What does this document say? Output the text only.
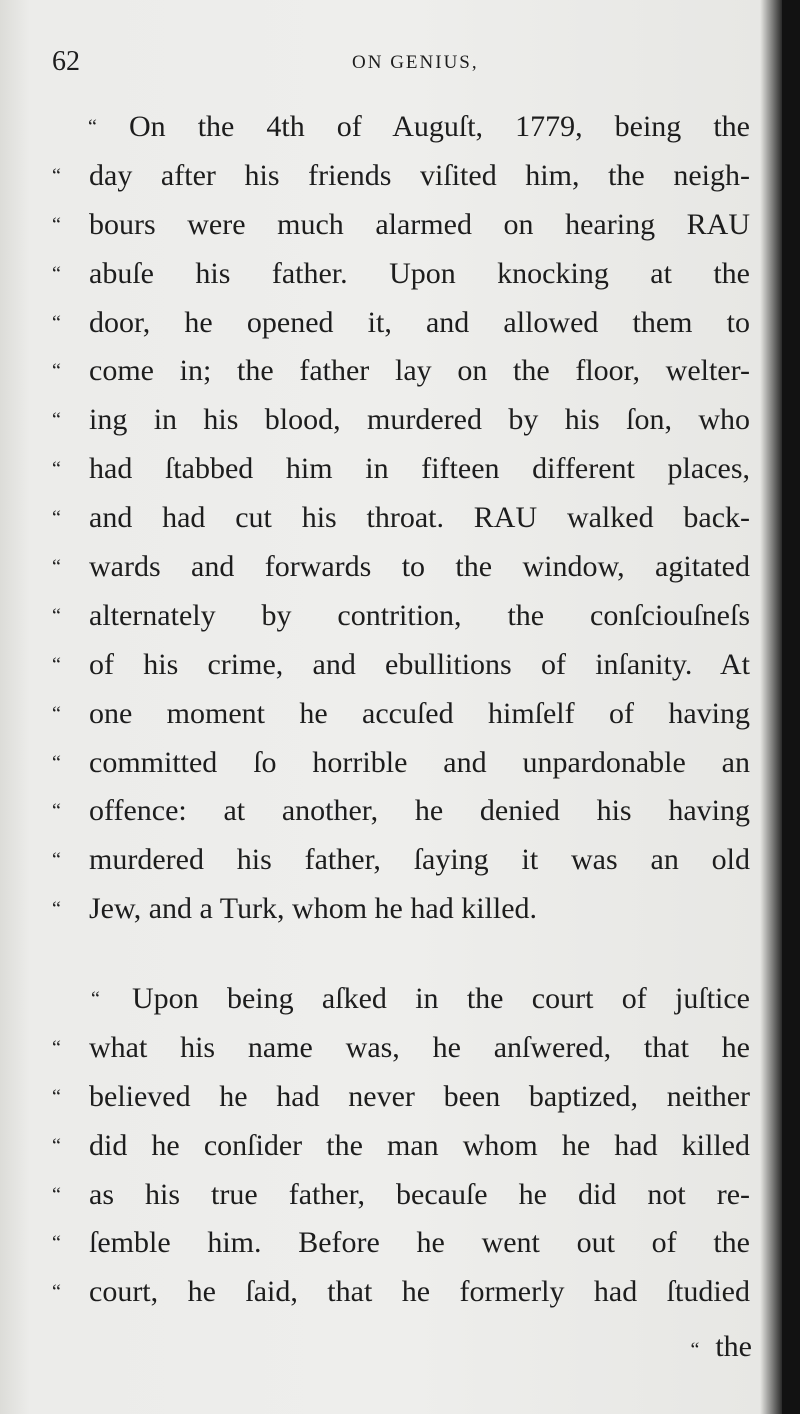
62	ON GENIUS,
“ On the 4th of Auguſt, 1779, being the
“ day after his friends viſited him, the neigh-
“ bours were much alarmed on hearing RAU
“ abuſe his father. Upon knocking at the
“ door, he opened it, and allowed them to
“ come in; the father lay on the floor, welter-
“ ing in his blood, murdered by his ſon, who
“ had ſtabbed him in fifteen different places,
“ and had cut his throat. RAU walked back-
“ wards and forwards to the window, agitated
“ alternately by contrition, the conſciouſneſs
“ of his crime, and ebullitions of inſanity. At
“ one moment he accuſed himſelf of having
“ committed ſo horrible and unpardonable an
“ offence: at another, he denied his having
“ murdered his father, ſaying it was an old
“ Jew, and a Turk, whom he had killed.
“ Upon being aſked in the court of juſtice
“ what his name was, he anſwered, that he
“ believed he had never been baptized, neither
“ did he conſider the man whom he had killed
“ as his true father, becauſe he did not re-
“ ſemble him. Before he went out of the
“ court, he ſaid, that he formerly had ſtudied
“ the
